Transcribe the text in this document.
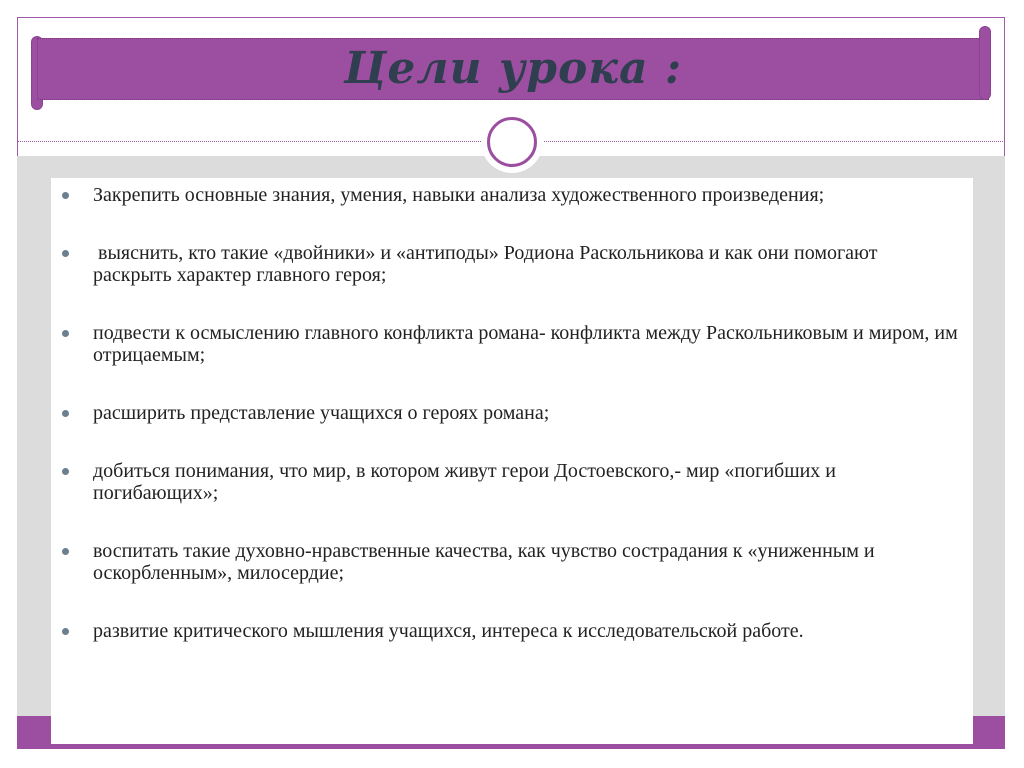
Цели урока :
Закрепить основные знания, умения, навыки анализа художественного произведения;
выяснить, кто такие «двойники» и «антиподы» Родиона Раскольникова и как они помогают раскрыть характер главного героя;
подвести к осмыслению главного конфликта романа- конфликта между Раскольниковым и миром, им отрицаемым;
расширить представление учащихся о героях романа;
добиться понимания, что мир, в котором живут герои Достоевского,- мир «погибших и погибающих»;
воспитать такие духовно-нравственные качества, как чувство сострадания к «униженным и оскорбленным», милосердие;
развитие критического мышления учащихся, интереса к исследовательской работе.
